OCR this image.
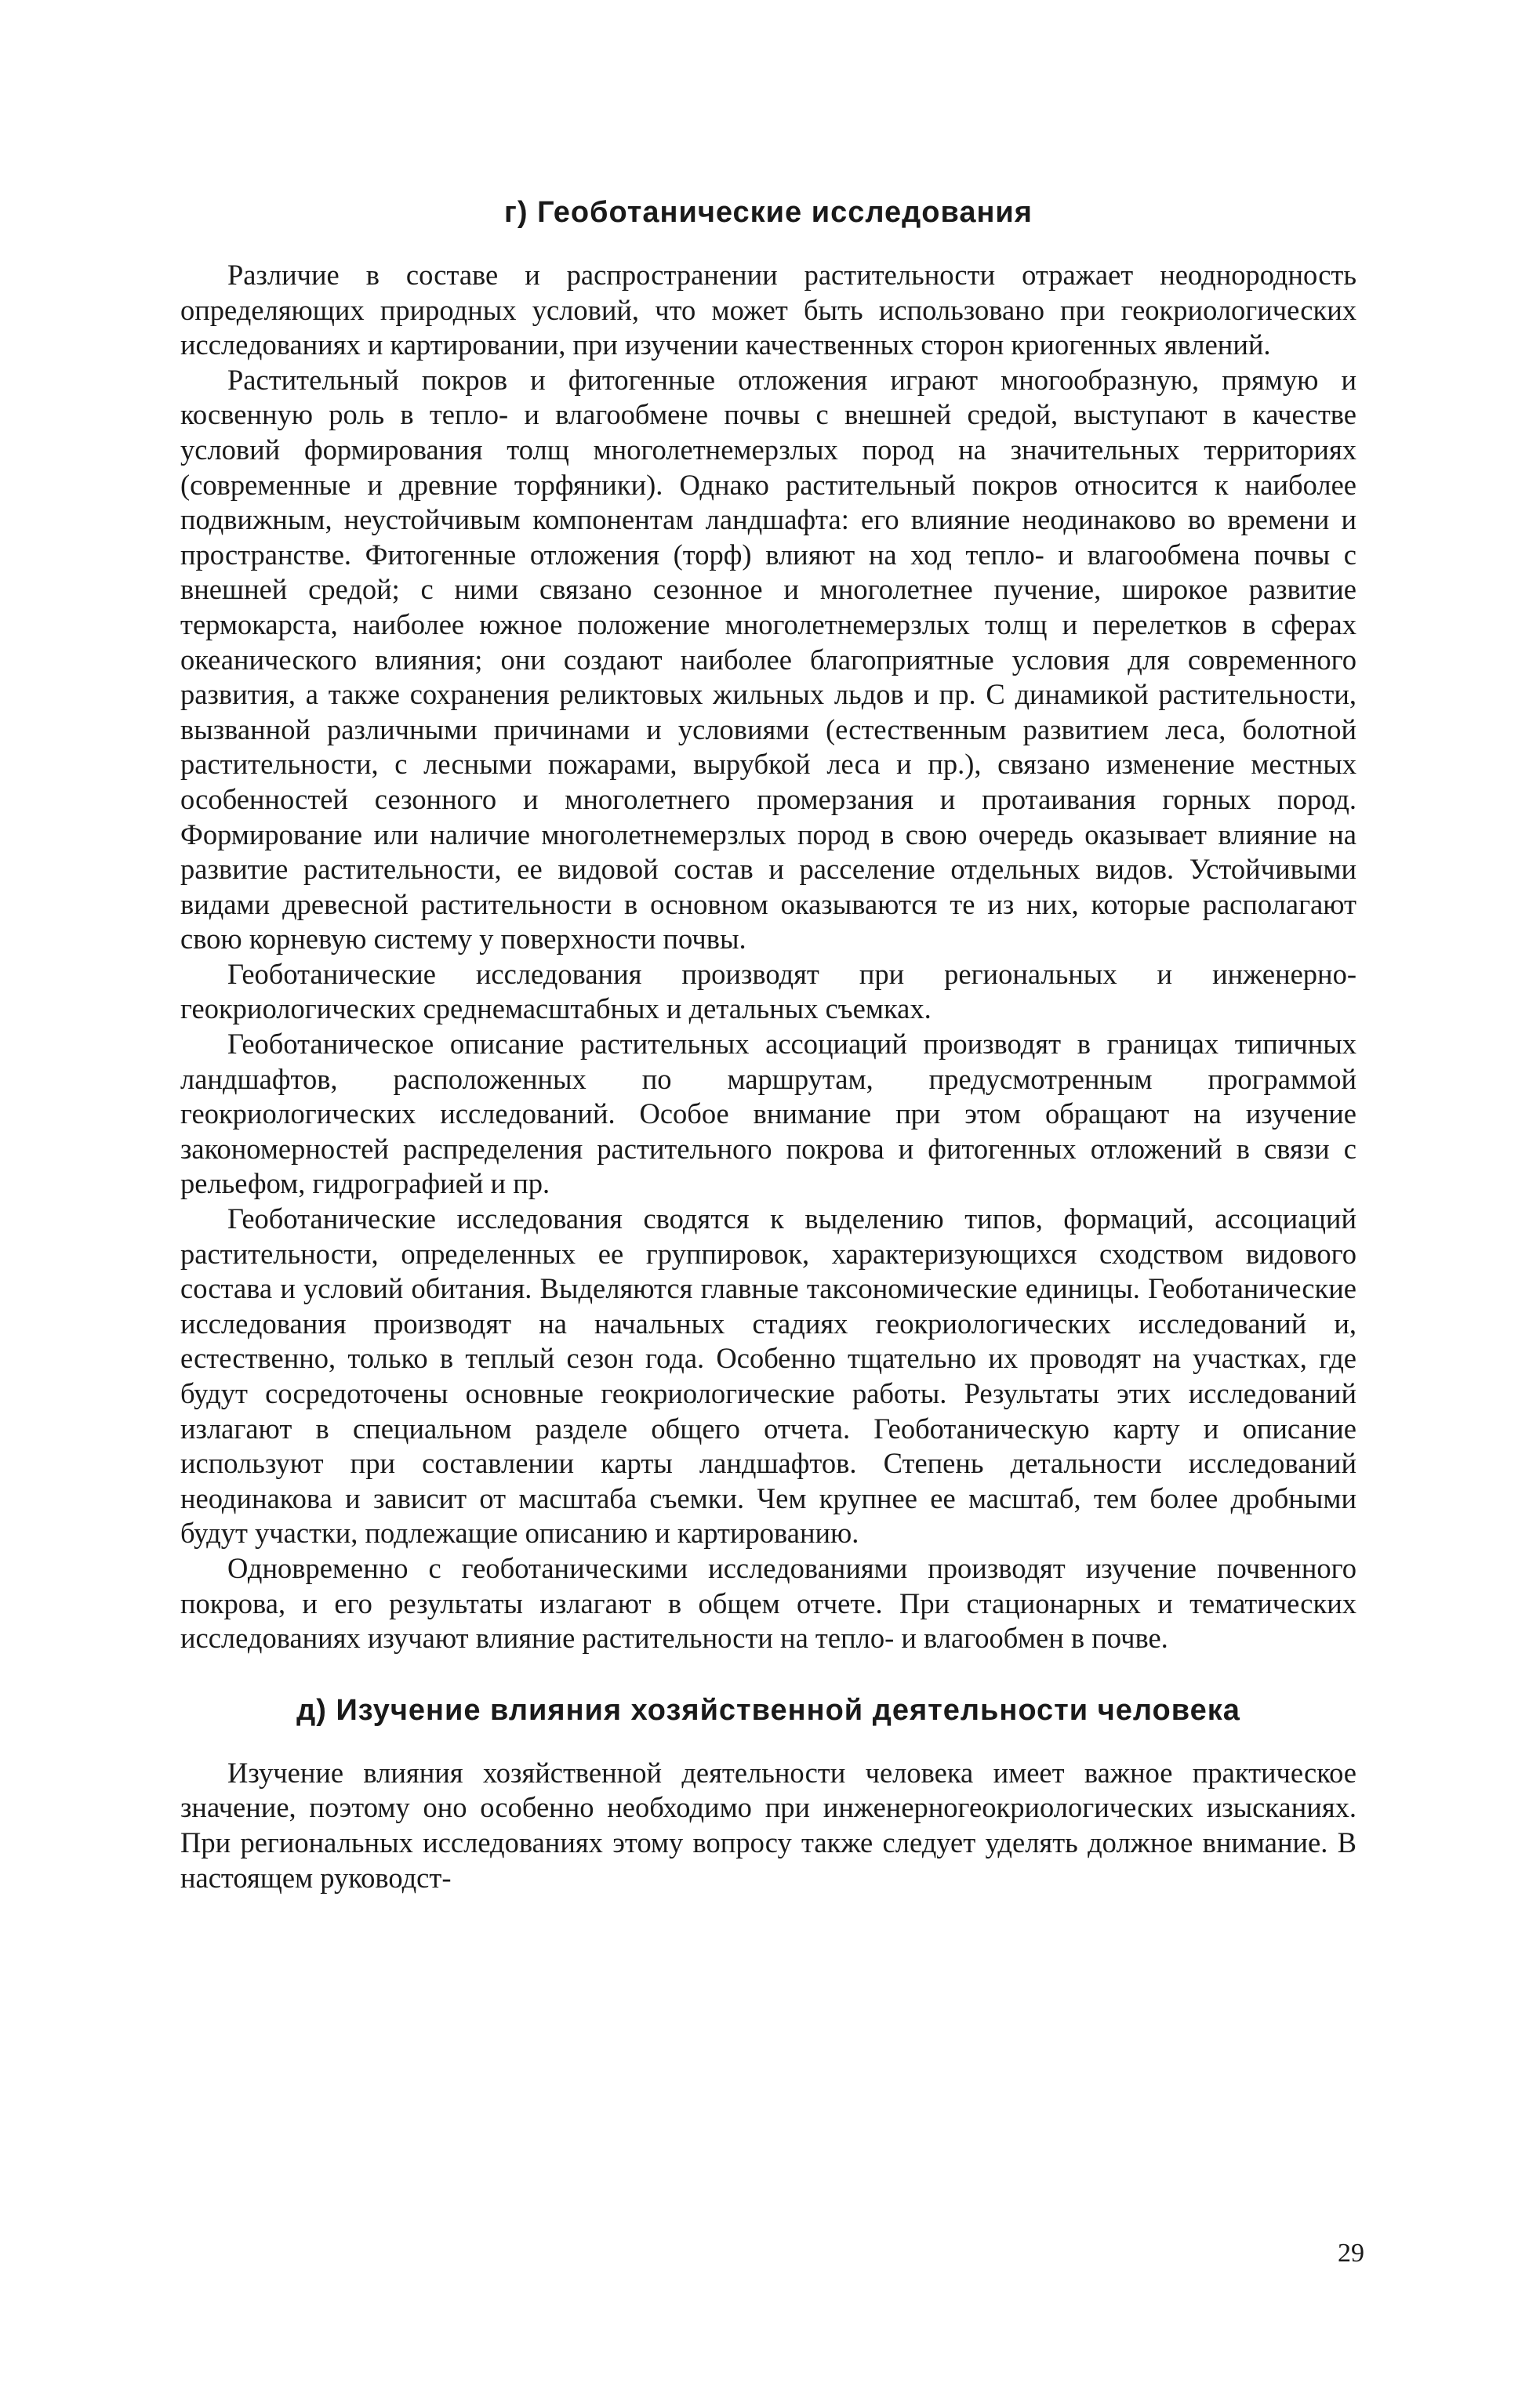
г) Геоботанические исследования

Различие в составе и распространении растительности отражает неоднородность определяющих природных условий, что может быть использовано при геокриологических исследованиях и картировании, при изучении качественных сторон криогенных явлений.

Растительный покров и фитогенные отложения играют многообразную, прямую и косвенную роль в тепло- и влагообмене почвы с внешней средой, выступают в качестве условий формирования толщ многолетнемерзлых пород на значительных территориях (современные и древние торфяники). Однако растительный покров относится к наиболее подвижным, неустойчивым компонентам ландшафта: его влияние неодинаково во времени и пространстве. Фитогенные отложения (торф) влияют на ход тепло- и влагообмена почвы с внешней средой; с ними связано сезонное и многолетнее пучение, широкое развитие термокарста, наиболее южное положение многолетнемерзлых толщ и перелетков в сферах океанического влияния; они создают наиболее благоприятные условия для современного развития, а также сохранения реликтовых жильных льдов и пр. С динамикой растительности, вызванной различными причинами и условиями (естественным развитием леса, болотной растительности, с лесными пожарами, вырубкой леса и пр.), связано изменение местных особенностей сезонного и многолетнего промерзания и протаивания горных пород. Формирование или наличие многолетнемерзлых пород в свою очередь оказывает влияние на развитие растительности, ее видовой состав и расселение отдельных видов. Устойчивыми видами древесной растительности в основном оказываются те из них, которые располагают свою корневую систему у поверхности почвы.

Геоботанические исследования производят при региональных и инженерно-геокриологических среднемасштабных и детальных съемках.

Геоботаническое описание растительных ассоциаций производят в границах типичных ландшафтов, расположенных по маршрутам, предусмотренным программой геокриологических исследований. Особое внимание при этом обращают на изучение закономерностей распределения растительного покрова и фитогенных отложений в связи с рельефом, гидрографией и пр.

Геоботанические исследования сводятся к выделению типов, формаций, ассоциаций растительности, определенных ее группировок, характеризующихся сходством видового состава и условий обитания. Выделяются главные таксономические единицы. Геоботанические исследования производят на начальных стадиях геокриологических исследований и, естественно, только в теплый сезон года. Особенно тщательно их проводят на участках, где будут сосредоточены основные геокриологические работы. Результаты этих исследований излагают в специальном разделе общего отчета. Геоботаническую карту и описание используют при составлении карты ландшафтов. Степень детальности исследований неодинакова и зависит от масштаба съемки. Чем крупнее ее масштаб, тем более дробными будут участки, подлежащие описанию и картированию.

Одновременно с геоботаническими исследованиями производят изучение почвенного покрова, и его результаты излагают в общем отчете. При стационарных и тематических исследованиях изучают влияние растительности на тепло- и влагообмен в почве.

д) Изучение влияния хозяйственной деятельности человека

Изучение влияния хозяйственной деятельности человека имеет важное практическое значение, поэтому оно особенно необходимо при инженерногеокриологических изысканиях. При региональных исследованиях этому вопросу также следует уделять должное внимание. В настоящем руководст-

29
